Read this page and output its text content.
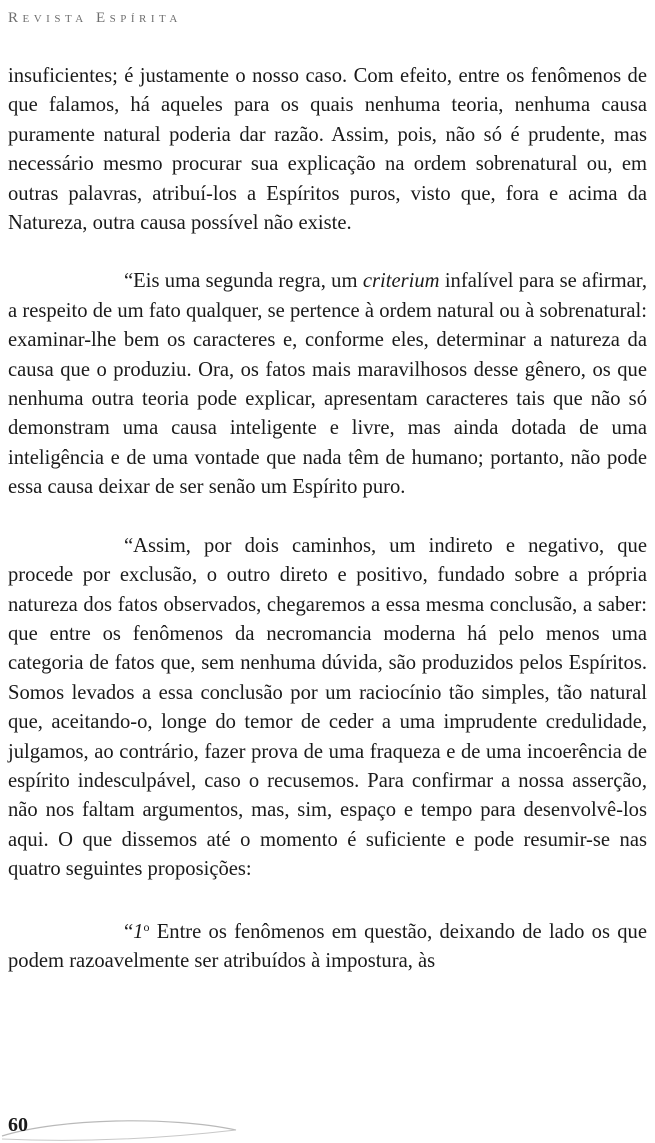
Revista Espírita

insuficientes; é justamente o nosso caso. Com efeito, entre os fenômenos de que falamos, há aqueles para os quais nenhuma teoria, nenhuma causa puramente natural poderia dar razão. Assim, pois, não só é prudente, mas necessário mesmo procurar sua explicação na ordem sobrenatural ou, em outras palavras, atribuí-los a Espíritos puros, visto que, fora e acima da Natureza, outra causa possível não existe.

“Eis uma segunda regra, um criterium infalível para se afirmar, a respeito de um fato qualquer, se pertence à ordem natural ou à sobrenatural: examinar-lhe bem os caracteres e, conforme eles, determinar a natureza da causa que o produziu. Ora, os fatos mais maravilhosos desse gênero, os que nenhuma outra teoria pode explicar, apresentam caracteres tais que não só demonstram uma causa inteligente e livre, mas ainda dotada de uma inteligência e de uma vontade que nada têm de humano; portanto, não pode essa causa deixar de ser senão um Espírito puro.

“Assim, por dois caminhos, um indireto e negativo, que procede por exclusão, o outro direto e positivo, fundado sobre a própria natureza dos fatos observados, chegaremos a essa mesma conclusão, a saber: que entre os fenômenos da necromancia moderna há pelo menos uma categoria de fatos que, sem nenhuma dúvida, são produzidos pelos Espíritos. Somos levados a essa conclusão por um raciocínio tão simples, tão natural que, aceitando-o, longe do temor de ceder a uma imprudente credulidade, julgamos, ao contrário, fazer prova de uma fraqueza e de uma incoerência de espírito indesculpável, caso o recusemos. Para confirmar a nossa asserção, não nos faltam argumentos, mas, sim, espaço e tempo para desenvolvê-los aqui. O que dissemos até o momento é suficiente e pode resumir-se nas quatro seguintes proposições:

“1$^o$ Entre os fenômenos em questão, deixando de lado os que podem razoavelmente ser atribuídos à impostura, às

60
